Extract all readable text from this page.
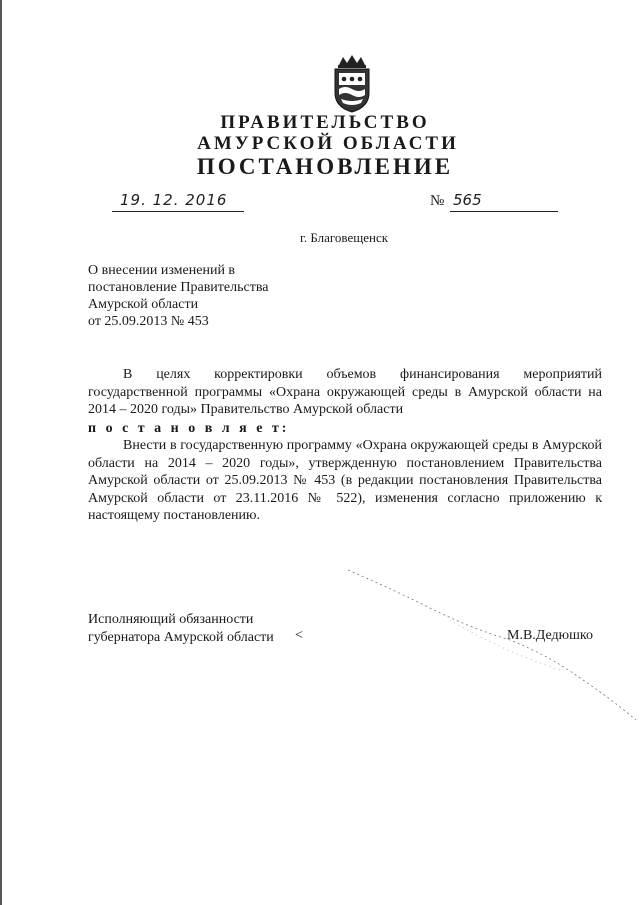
ПРАВИТЕЛЬСТВО
АМУРСКОЙ ОБЛАСТИ
ПОСТАНОВЛЕНИЕ
19. 12. 2016	№ 565
г. Благовещенск
О внесении изменений в
постановление Правительства
Амурской области
от 25.09.2013 № 453

В целях корректировки объемов финансирования мероприятий государственной программы «Охрана окружающей среды в Амурской области на 2014 – 2020 годы» Правительство Амурской области

п о с т а н о в л я е т:

Внести в государственную программу «Охрана окружающей среды в Амурской области на 2014 – 2020 годы», утвержденную постановлением Правительства Амурской области от 25.09.2013 № 453 (в редакции постановления Правительства Амурской области от 23.11.2016 № 522), изменения согласно приложению к настоящему постановлению.

Исполняющий обязанности
губернатора Амурской области <	М.В.Дедюшко
